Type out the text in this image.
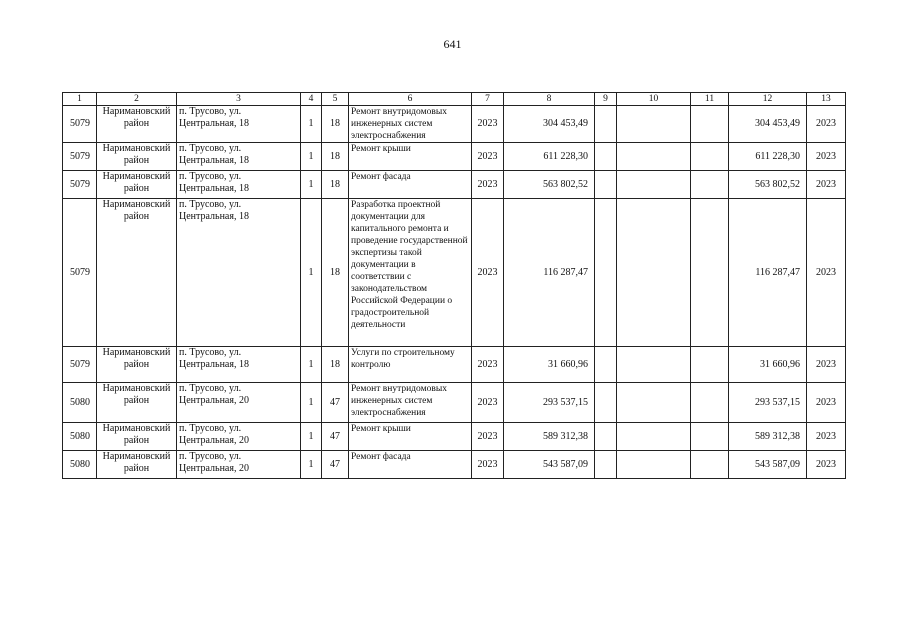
641
1	2	3	4	5	6	7	8	9	10	11	12	13
5079	Наримановский район	п. Трусово, ул. Центральная, 18	1	18	Ремонт внутридомовых инженерных систем электроснабжения	2023	304 453,49				304 453,49	2023
5079	Наримановский район	п. Трусово, ул. Центральная, 18	1	18	Ремонт крыши	2023	611 228,30				611 228,30	2023
5079	Наримановский район	п. Трусово, ул. Центральная, 18	1	18	Ремонт фасада	2023	563 802,52				563 802,52	2023
5079	Наримановский район	п. Трусово, ул. Центральная, 18	1	18	Разработка проектной документации для капитального ремонта и проведение государственной экспертизы такой документации в соответствии с законодательством Российской Федерации о градостроительной деятельности	2023	116 287,47				116 287,47	2023
5079	Наримановский район	п. Трусово, ул. Центральная, 18	1	18	Услуги по строительному контролю	2023	31 660,96				31 660,96	2023
5080	Наримановский район	п. Трусово, ул. Центральная, 20	1	47	Ремонт внутридомовых инженерных систем электроснабжения	2023	293 537,15				293 537,15	2023
5080	Наримановский район	п. Трусово, ул. Центральная, 20	1	47	Ремонт крыши	2023	589 312,38				589 312,38	2023
5080	Наримановский район	п. Трусово, ул. Центральная, 20	1	47	Ремонт фасада	2023	543 587,09				543 587,09	2023
